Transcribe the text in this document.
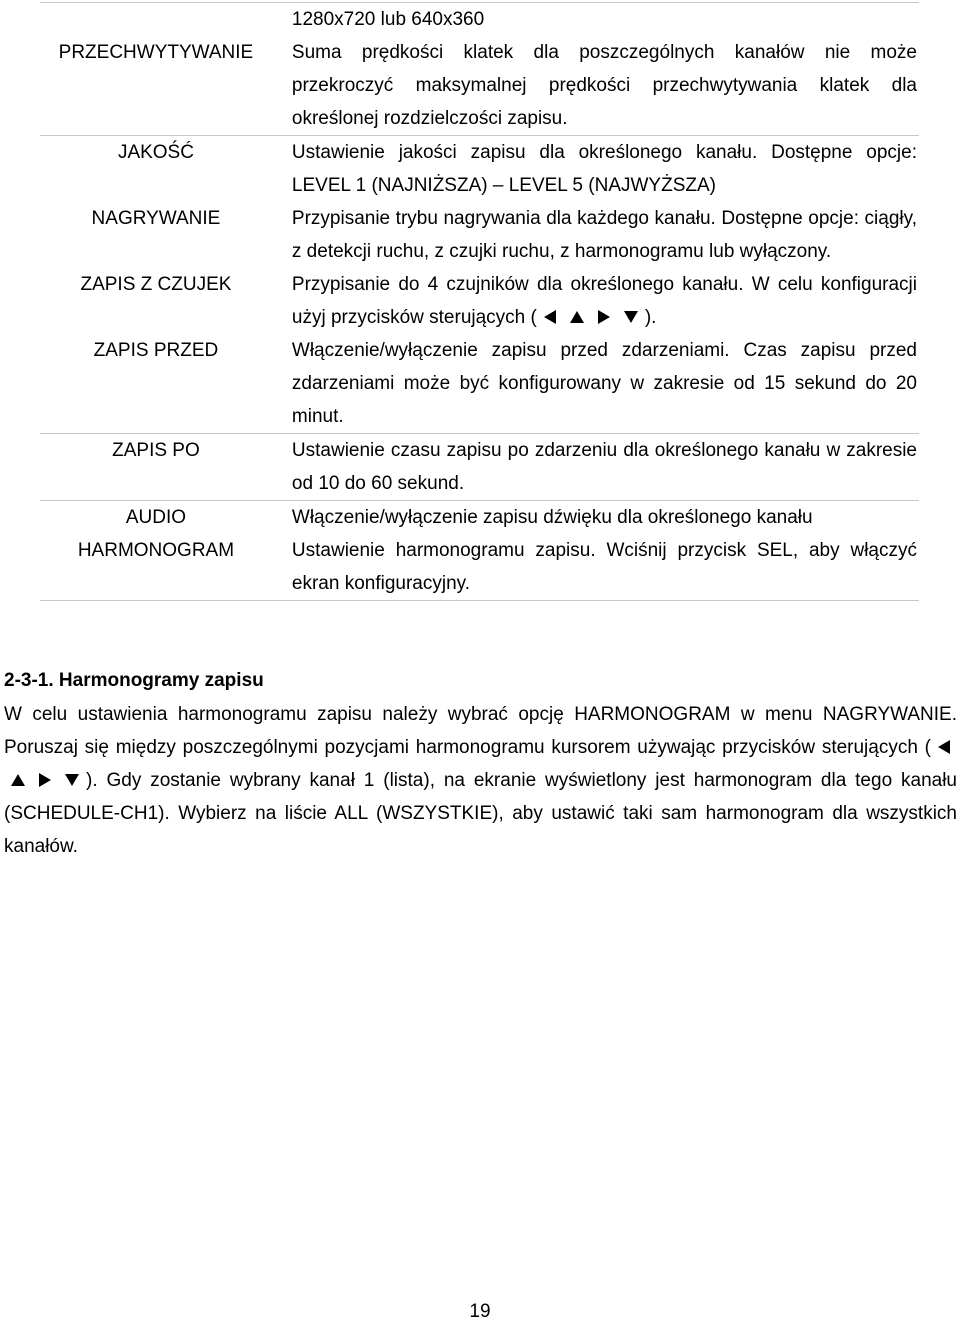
	1280x720 lub 640x360
PRZECHWYTYWANIE	Suma prędkości klatek dla poszczególnych kanałów nie może przekroczyć maksymalnej prędkości przechwytywania klatek dla określonej rozdzielczości zapisu.
JAKOŚĆ	Ustawienie jakości zapisu dla określonego kanału. Dostępne opcje: LEVEL 1 (NAJNIŻSZA) – LEVEL 5 (NAJWYŻSZA)
NAGRYWANIE	Przypisanie trybu nagrywania dla każdego kanału. Dostępne opcje: ciągły, z detekcji ruchu, z czujki ruchu, z harmonogramu lub wyłączony.
ZAPIS Z CZUJEK	Przypisanie do 4 czujników dla określonego kanału. W celu konfiguracji użyj przycisków sterujących ( ).
ZAPIS PRZED	Włączenie/wyłączenie zapisu przed zdarzeniami. Czas zapisu przed zdarzeniami może być konfigurowany w zakresie od 15 sekund do 20 minut.
ZAPIS PO	Ustawienie czasu zapisu po zdarzeniu dla określonego kanału w zakresie od 10 do 60 sekund.
AUDIO	Włączenie/wyłączenie zapisu dźwięku dla określonego kanału
HARMONOGRAM	Ustawienie harmonogramu zapisu. Wciśnij przycisk SEL, aby włączyć ekran konfiguracyjny.
2-3-1. Harmonogramy zapisu

W celu ustawienia harmonogramu zapisu należy wybrać opcję HARMONOGRAM w menu NAGRYWANIE. Poruszaj się między poszczególnymi pozycjami harmonogramu kursorem używając przycisków sterujących (). Gdy zostanie wybrany kanał 1 (lista), na ekranie wyświetlony jest harmonogram dla tego kanału (SCHEDULE-CH1). Wybierz na liście ALL (WSZYSTKIE), aby ustawić taki sam harmonogram dla wszystkich kanałów.

19
